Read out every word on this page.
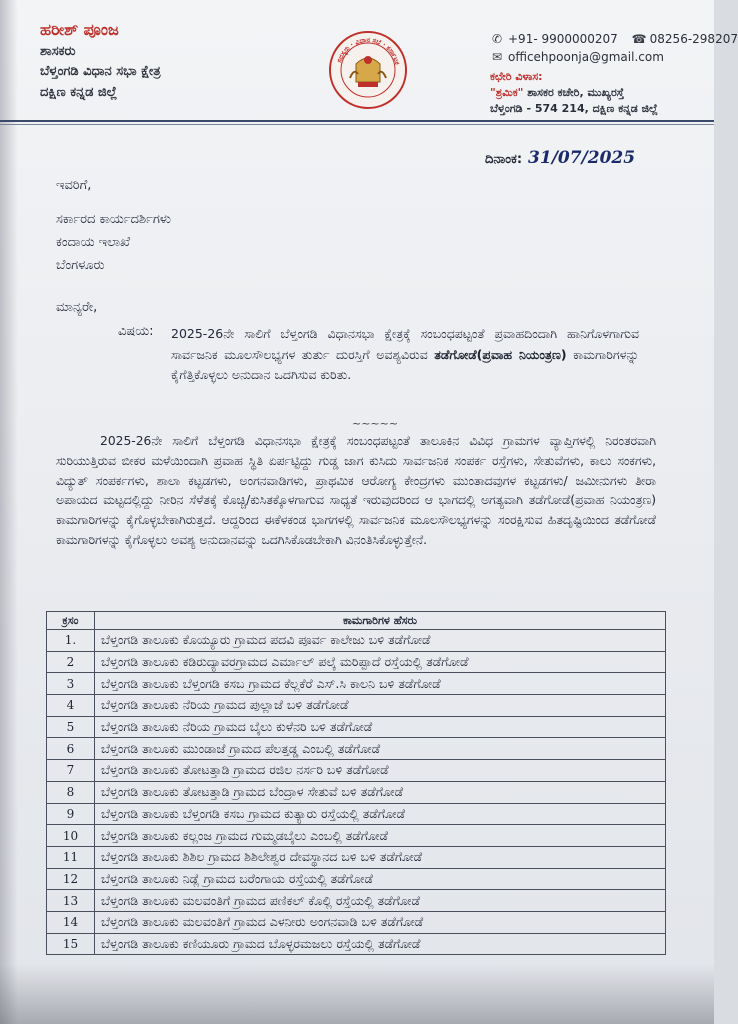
ಹರೀಶ್ ಪೂಂಜ
ಶಾಸಕರು
ಬೆಳ್ತಂಗಡಿ ವಿಧಾನ ಸಭಾ ಕ್ಷೇತ್ರ
ದಕ್ಷಿಣ ಕನ್ನಡ ಜಿಲ್ಲೆ
ಸದಸ್ಯರು · ವಿಧಾನ ಸಭೆ · ಕರ್ನಾಟಕ
✆ +91- 9900000207 ☎ 08256-298207
✉ officehpoonja@gmail.com
ಕಛೇರಿ ವಿಳಾಸ:
"ಶ್ರಮಿಕ" ಶಾಸಕರ ಕಚೇರಿ, ಮುಖ್ಯರಸ್ತೆ
ಬೆಳ್ತಂಗಡಿ - 574 214, ದಕ್ಷಿಣ ಕನ್ನಡ ಜಿಲ್ಲೆ
ದಿನಾಂಕ: 31/07/2025
ಇವರಿಗೆ,
ಸರ್ಕಾರದ ಕಾರ್ಯದರ್ಶಿಗಳು
ಕಂದಾಯ ಇಲಾಖೆ
ಬೆಂಗಳೂರು
ಮಾನ್ಯರೇ,
ವಿಷಯ: 2025-26ನೇ ಸಾಲಿಗೆ ಬೆಳ್ತಂಗಡಿ ವಿಧಾನಸಭಾ ಕ್ಷೇತ್ರಕ್ಕೆ ಸಂಬಂಧಪಟ್ಟಂತೆ ಪ್ರವಾಹದಿಂದಾಗಿ ಹಾನಿಗೊಳಗಾಗುವ ಸಾರ್ವಜನಿಕ ಮೂಲಸೌಲಭ್ಯಗಳ ತುರ್ತು ದುರಸ್ತಿಗೆ ಅವಶ್ಯವಿರುವ ತಡೆಗೋಡೆ(ಪ್ರವಾಹ ನಿಯಂತ್ರಣ) ಕಾಮಗಾರಿಗಳನ್ನು ಕೈಗೆತ್ತಿಕೊಳ್ಳಲು ಅನುದಾನ ಒದಗಿಸುವ ಕುರಿತು.
~~~~~
2025-26ನೇ ಸಾಲಿಗೆ ಬೆಳ್ತಂಗಡಿ ವಿಧಾನಸಭಾ ಕ್ಷೇತ್ರಕ್ಕೆ ಸಂಬಂಧಪಟ್ಟಂತೆ ತಾಲೂಕಿನ ವಿವಿಧ ಗ್ರಾಮಗಳ ವ್ಯಾಪ್ತಿಗಳಲ್ಲಿ ನಿರಂತರವಾಗಿ ಸುರಿಯುತ್ತಿರುವ ಬೀಕರ ಮಳೆಯಿಂದಾಗಿ ಪ್ರವಾಹ ಸ್ಥಿತಿ ಏರ್ಪಟ್ಟಿದ್ದು ಗುಡ್ಡ ಜಾಗ ಕುಸಿದು ಸಾರ್ವಜನಿಕ ಸಂಪರ್ಕ ರಸ್ತೆಗಳು, ಸೇತುವೆಗಳು, ಕಾಲು ಸಂಕಗಳು, ವಿದ್ಯುತ್ ಸಂಪರ್ಕಗಳು, ಶಾಲಾ ಕಟ್ಟಡಗಳು, ಅಂಗನವಾಡಿಗಳು, ಪ್ರಾಥಮಿಕ ಆರೋಗ್ಯ ಕೇಂದ್ರಗಳು ಮುಂತಾದವುಗಳ ಕಟ್ಟಡಗಳು/ ಜಮೀನುಗಳು ತೀರಾ ಅಪಾಯದ ಮಟ್ಟದಲ್ಲಿದ್ದು ನೀರಿನ ಸೆಳೆತಕ್ಕೆ ಕೊಚ್ಚಿ/ಕುಸಿತಕ್ಕೊಳಗಾಗುವ ಸಾಧ್ಯತೆ ಇರುವುದರಿಂದ ಆ ಭಾಗದಲ್ಲಿ ಅಗತ್ಯವಾಗಿ ತಡೆಗೋಡೆ(ಪ್ರವಾಹ ನಿಯಂತ್ರಣ) ಕಾಮಗಾರಿಗಳನ್ನು ಕೈಗೊಳ್ಳಬೇಕಾಗಿರುತ್ತದೆ. ಆದ್ದರಿಂದ ಈಕೆಳಕಂಡ ಭಾಗಗಳಲ್ಲಿ ಸಾರ್ವಜನಿಕ ಮೂಲಸೌಲಭ್ಯಗಳನ್ನು ಸಂರಕ್ಷಿಸುವ ಹಿತದೃಷ್ಟಿಯಿಂದ ತಡೆಗೋಡೆ ಕಾಮಗಾರಿಗಳನ್ನು ಕೈಗೊಳ್ಳಲು ಅವಶ್ಯ ಅನುದಾನವನ್ನು ಒದಗಿಸಿಕೊಡಬೇಕಾಗಿ ವಿನಂತಿಸಿಕೊಳ್ಳುತ್ತೇನೆ.
ಕ್ರಸಂ	ಕಾಮಗಾರಿಗಳ ಹೆಸರು
1.	ಬೆಳ್ತಂಗಡಿ ತಾಲೂಕು ಕೊಯ್ಯೂರು ಗ್ರಾಮದ ಪದವಿ ಪೂರ್ವ ಕಾಲೇಜು ಬಳಿ ತಡೆಗೋಡೆ
2	ಬೆಳ್ತಂಗಡಿ ತಾಲೂಕು ಕಡಿರುದ್ಯಾವರಗ್ರಾಮದ ಎರ್ಮಾಲ್ ಪಲ್ಕೆ ಮರಿಪ್ಪಾದೆ ರಸ್ತೆಯಲ್ಲಿ ತಡೆಗೋಡೆ
3	ಬೆಳ್ತಂಗಡಿ ತಾಲೂಕು ಬೆಳ್ತಂಗಡಿ ಕಸಬ ಗ್ರಾಮದ ಕೆಲ್ಲಕೆರೆ ಎಸ್.ಸಿ ಕಾಲನಿ ಬಳಿ ತಡೆಗೋಡೆ
4	ಬೆಳ್ತಂಗಡಿ ತಾಲೂಕು ನೆರಿಯ ಗ್ರಾಮದ ಪುಲ್ಲಾಜೆ ಬಳಿ ತಡೆಗೋಡೆ
5	ಬೆಳ್ತಂಗಡಿ ತಾಲೂಕು ನೆರಿಯ ಗ್ರಾಮದ ಬೈಲು ಕುಳೆನರಿ ಬಳಿ ತಡೆಗೋಡೆ
6	ಬೆಳ್ತಂಗಡಿ ತಾಲೂಕು ಮುಂಡಾಜೆ ಗ್ರಾಮದ ಪೆಲತ್ತಡ್ಡ ಎಂಬಲ್ಲಿ ತಡೆಗೋಡೆ
7	ಬೆಳ್ತಂಗಡಿ ತಾಲೂಕು ತೋಟತ್ತಾಡಿ ಗ್ರಾಮದ ರಜಿಲ ನರ್ಸರಿ ಬಳಿ ತಡೆಗೋಡೆ
8	ಬೆಳ್ತಂಗಡಿ ತಾಲೂಕು ತೋಟತ್ತಾಡಿ ಗ್ರಾಮದ ಬೆಂದ್ರಾಳ ಸೇತುವೆ ಬಳಿ ತಡೆಗೋಡೆ
9	ಬೆಳ್ತಂಗಡಿ ತಾಲೂಕು ಬೆಳ್ತಂಗಡಿ ಕಸಬ ಗ್ರಾಮದ ಕುತ್ಯಾರು ರಸ್ತೆಯಲ್ಲಿ ತಡೆಗೋಡೆ
10	ಬೆಳ್ತಂಗಡಿ ತಾಲೂಕು ಕಲ್ಲಂಜ ಗ್ರಾಮದ ಗುಮ್ಮಡಬೈಲು ಎಂಬಲ್ಲಿ ತಡೆಗೋಡೆ
11	ಬೆಳ್ತಂಗಡಿ ತಾಲೂಕು ಶಿಶಿಲ ಗ್ರಾಮದ ಶಿಶಿಲೇಶ್ವರ ದೇವಸ್ಥಾನದ ಬಳಿ ಬಳಿ ತಡೆಗೋಡೆ
12	ಬೆಳ್ತಂಗಡಿ ತಾಲೂಕು ನಿಡ್ಲೆ ಗ್ರಾಮದ ಬರೆಂಗಾಯ ರಸ್ತೆಯಲ್ಲಿ ತಡೆಗೋಡೆ
13	ಬೆಳ್ತಂಗಡಿ ತಾಲೂಕು ಮಲವಂತಿಗೆ ಗ್ರಾಮದ ಪಣಿಕಲ್ ಕೊಲ್ಲಿ ರಸ್ತೆಯಲ್ಲಿ ತಡೆಗೋಡೆ
14	ಬೆಳ್ತಂಗಡಿ ತಾಲೂಕು ಮಲವಂತಿಗೆ ಗ್ರಾಮದ ಎಳನೀರು ಅಂಗನವಾಡಿ ಬಳಿ ತಡೆಗೋಡೆ
15	ಬೆಳ್ತಂಗಡಿ ತಾಲೂಕು ಕಣಿಯೂರು ಗ್ರಾಮದ ಬೊಳ್ಳರಮಜಲು ರಸ್ತೆಯಲ್ಲಿ ತಡೆಗೋಡೆ
